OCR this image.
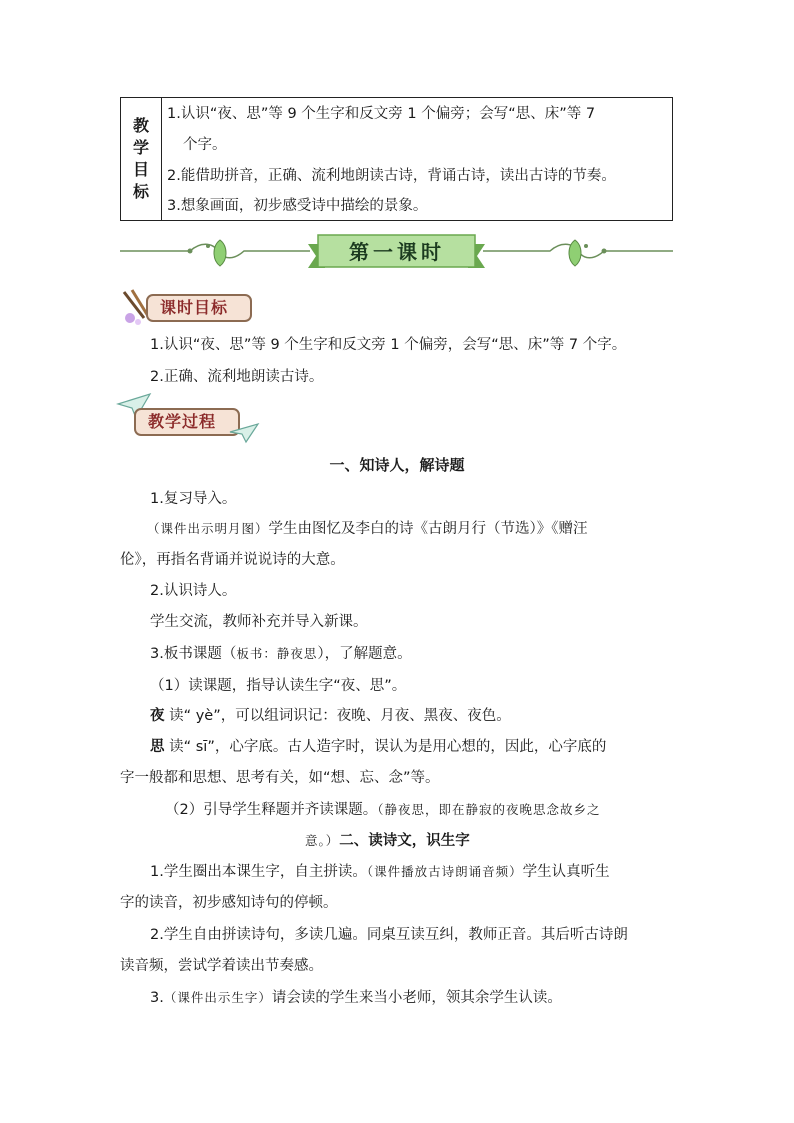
教
学
目
标
1.认识“夜、思”等 9 个生字和反文旁 1 个偏旁；会写“思、床”等 7
个字。
2.能借助拼音，正确、流利地朗读古诗，背诵古诗，读出古诗的节奏。
3.想象画面，初步感受诗中描绘的景象。
第一课时
课时目标
1.认识“夜、思”等 9 个生字和反文旁 1 个偏旁，会写“思、床”等 7 个字。
2.正确、流利地朗读古诗。
教学过程
一、知诗人，解诗题
1.复习导入。
（课件出示明月图）学生由图忆及李白的诗《古朗月行（节选）》《赠汪
伦》，再指名背诵并说说诗的大意。
2.认识诗人。
学生交流，教师补充并导入新课。
3.板书课题（板书：静夜思），了解题意。
（1）读课题，指导认读生字“夜、思”。
夜 读“ yè”，可以组词识记：夜晚、月夜、黑夜、夜色。
思 读“ sī”，心字底。古人造字时，误认为是用心想的，因此，心字底的
字一般都和思想、思考有关，如“想、忘、念”等。
（2）引导学生释题并齐读课题。（静夜思，即在静寂的夜晚思念故乡之
意。）二、读诗文，识生字
1.学生圈出本课生字，自主拼读。（课件播放古诗朗诵音频）学生认真听生
字的读音，初步感知诗句的停顿。
2.学生自由拼读诗句，多读几遍。同桌互读互纠，教师正音。其后听古诗朗
读音频，尝试学着读出节奏感。
3.（课件出示生字）请会读的学生来当小老师，领其余学生认读。
